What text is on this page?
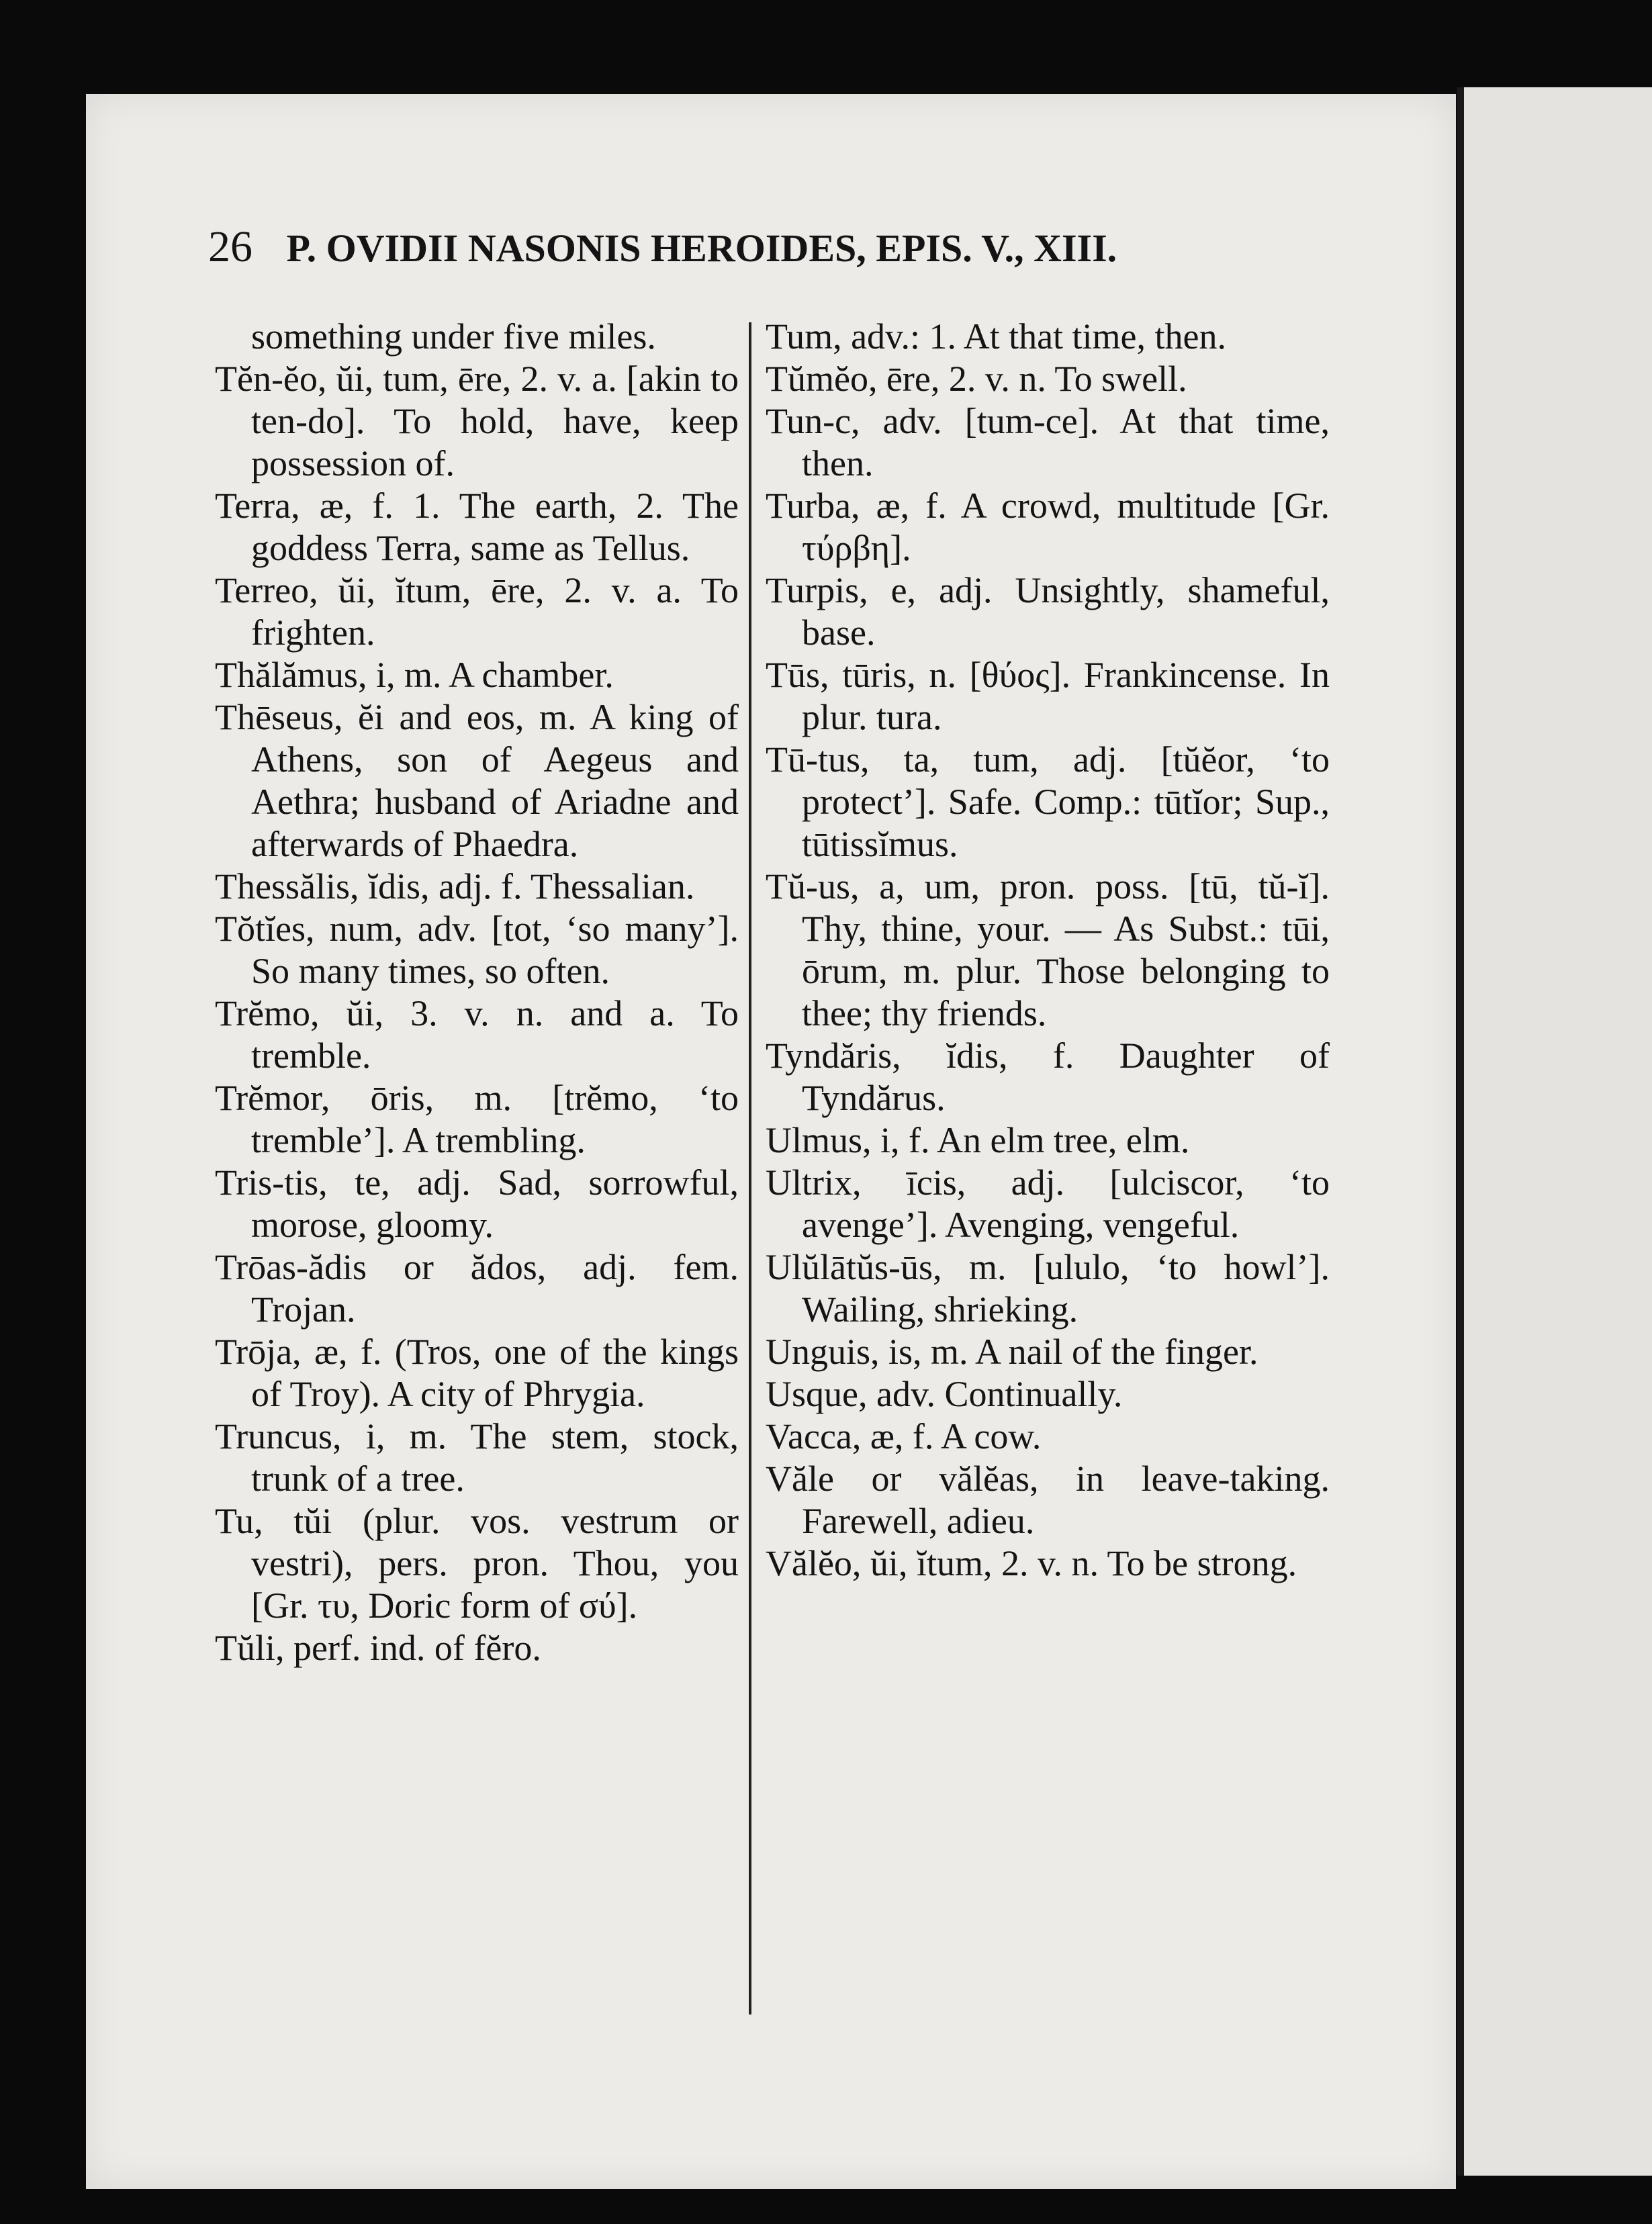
26 P. OVIDII NASONIS HEROIDES, EPIS. V., XIII.

something under five miles.

Tĕn-ĕo, ŭi, tum, ēre, 2. v. a. [akin to ten-do]. To hold, have, keep possession of.

Terra, æ, f. 1. The earth, 2. The goddess Terra, same as Tellus.

Terreo, ŭi, ĭtum, ēre, 2. v. a. To frighten.

Thălămus, i, m. A chamber.

Thēseus, ĕi and eos, m. A king of Athens, son of Aegeus and Aethra; husband of Ariadne and afterwards of Phaedra.

Thessălis, ĭdis, adj. f. Thessalian.

Tŏtĭes, num, adv. [tot, ‘so many’]. So many times, so often.

Trĕmo, ŭi, 3. v. n. and a. To tremble.

Trĕmor, ōris, m. [trĕmo, ‘to tremble’]. A trembling.

Tris-tis, te, adj. Sad, sorrowful, morose, gloomy.

Trōas-ădis or ădos, adj. fem. Trojan.

Trōja, æ, f. (Tros, one of the kings of Troy). A city of Phrygia.

Truncus, i, m. The stem, stock, trunk of a tree.

Tu, tŭi (plur. vos. vestrum or vestri), pers. pron. Thou, you [Gr. τυ, Doric form of σύ].

Tŭli, perf. ind. of fĕro.

Tum, adv.: 1. At that time, then.

Tŭmĕo, ēre, 2. v. n. To swell.

Tun-c, adv. [tum-ce]. At that time, then.

Turba, æ, f. A crowd, multitude [Gr. τύρβη].

Turpis, e, adj. Unsightly, shameful, base.

Tūs, tūris, n. [θύος]. Frankincense. In plur. tura.

Tū-tus, ta, tum, adj. [tŭĕor, ‘to protect’]. Safe. Comp.: tūtĭor; Sup., tūtissĭmus.

Tŭ-us, a, um, pron. poss. [tū, tŭ-ĭ]. Thy, thine, your. — As Subst.: tūi, ōrum, m. plur. Those belonging to thee; thy friends.

Tyndăris, ĭdis, f. Daughter of Tyndărus.

Ulmus, i, f. An elm tree, elm.

Ultrix, īcis, adj. [ulciscor, ‘to avenge’]. Avenging, vengeful.

Ulŭlātŭs-ūs, m. [ululo, ‘to howl’]. Wailing, shrieking.

Unguis, is, m. A nail of the finger.

Usque, adv. Continually.

Vacca, æ, f. A cow.

Văle or vălĕas, in leave-taking. Farewell, adieu.

Vălĕo, ŭi, ĭtum, 2. v. n. To be strong.
